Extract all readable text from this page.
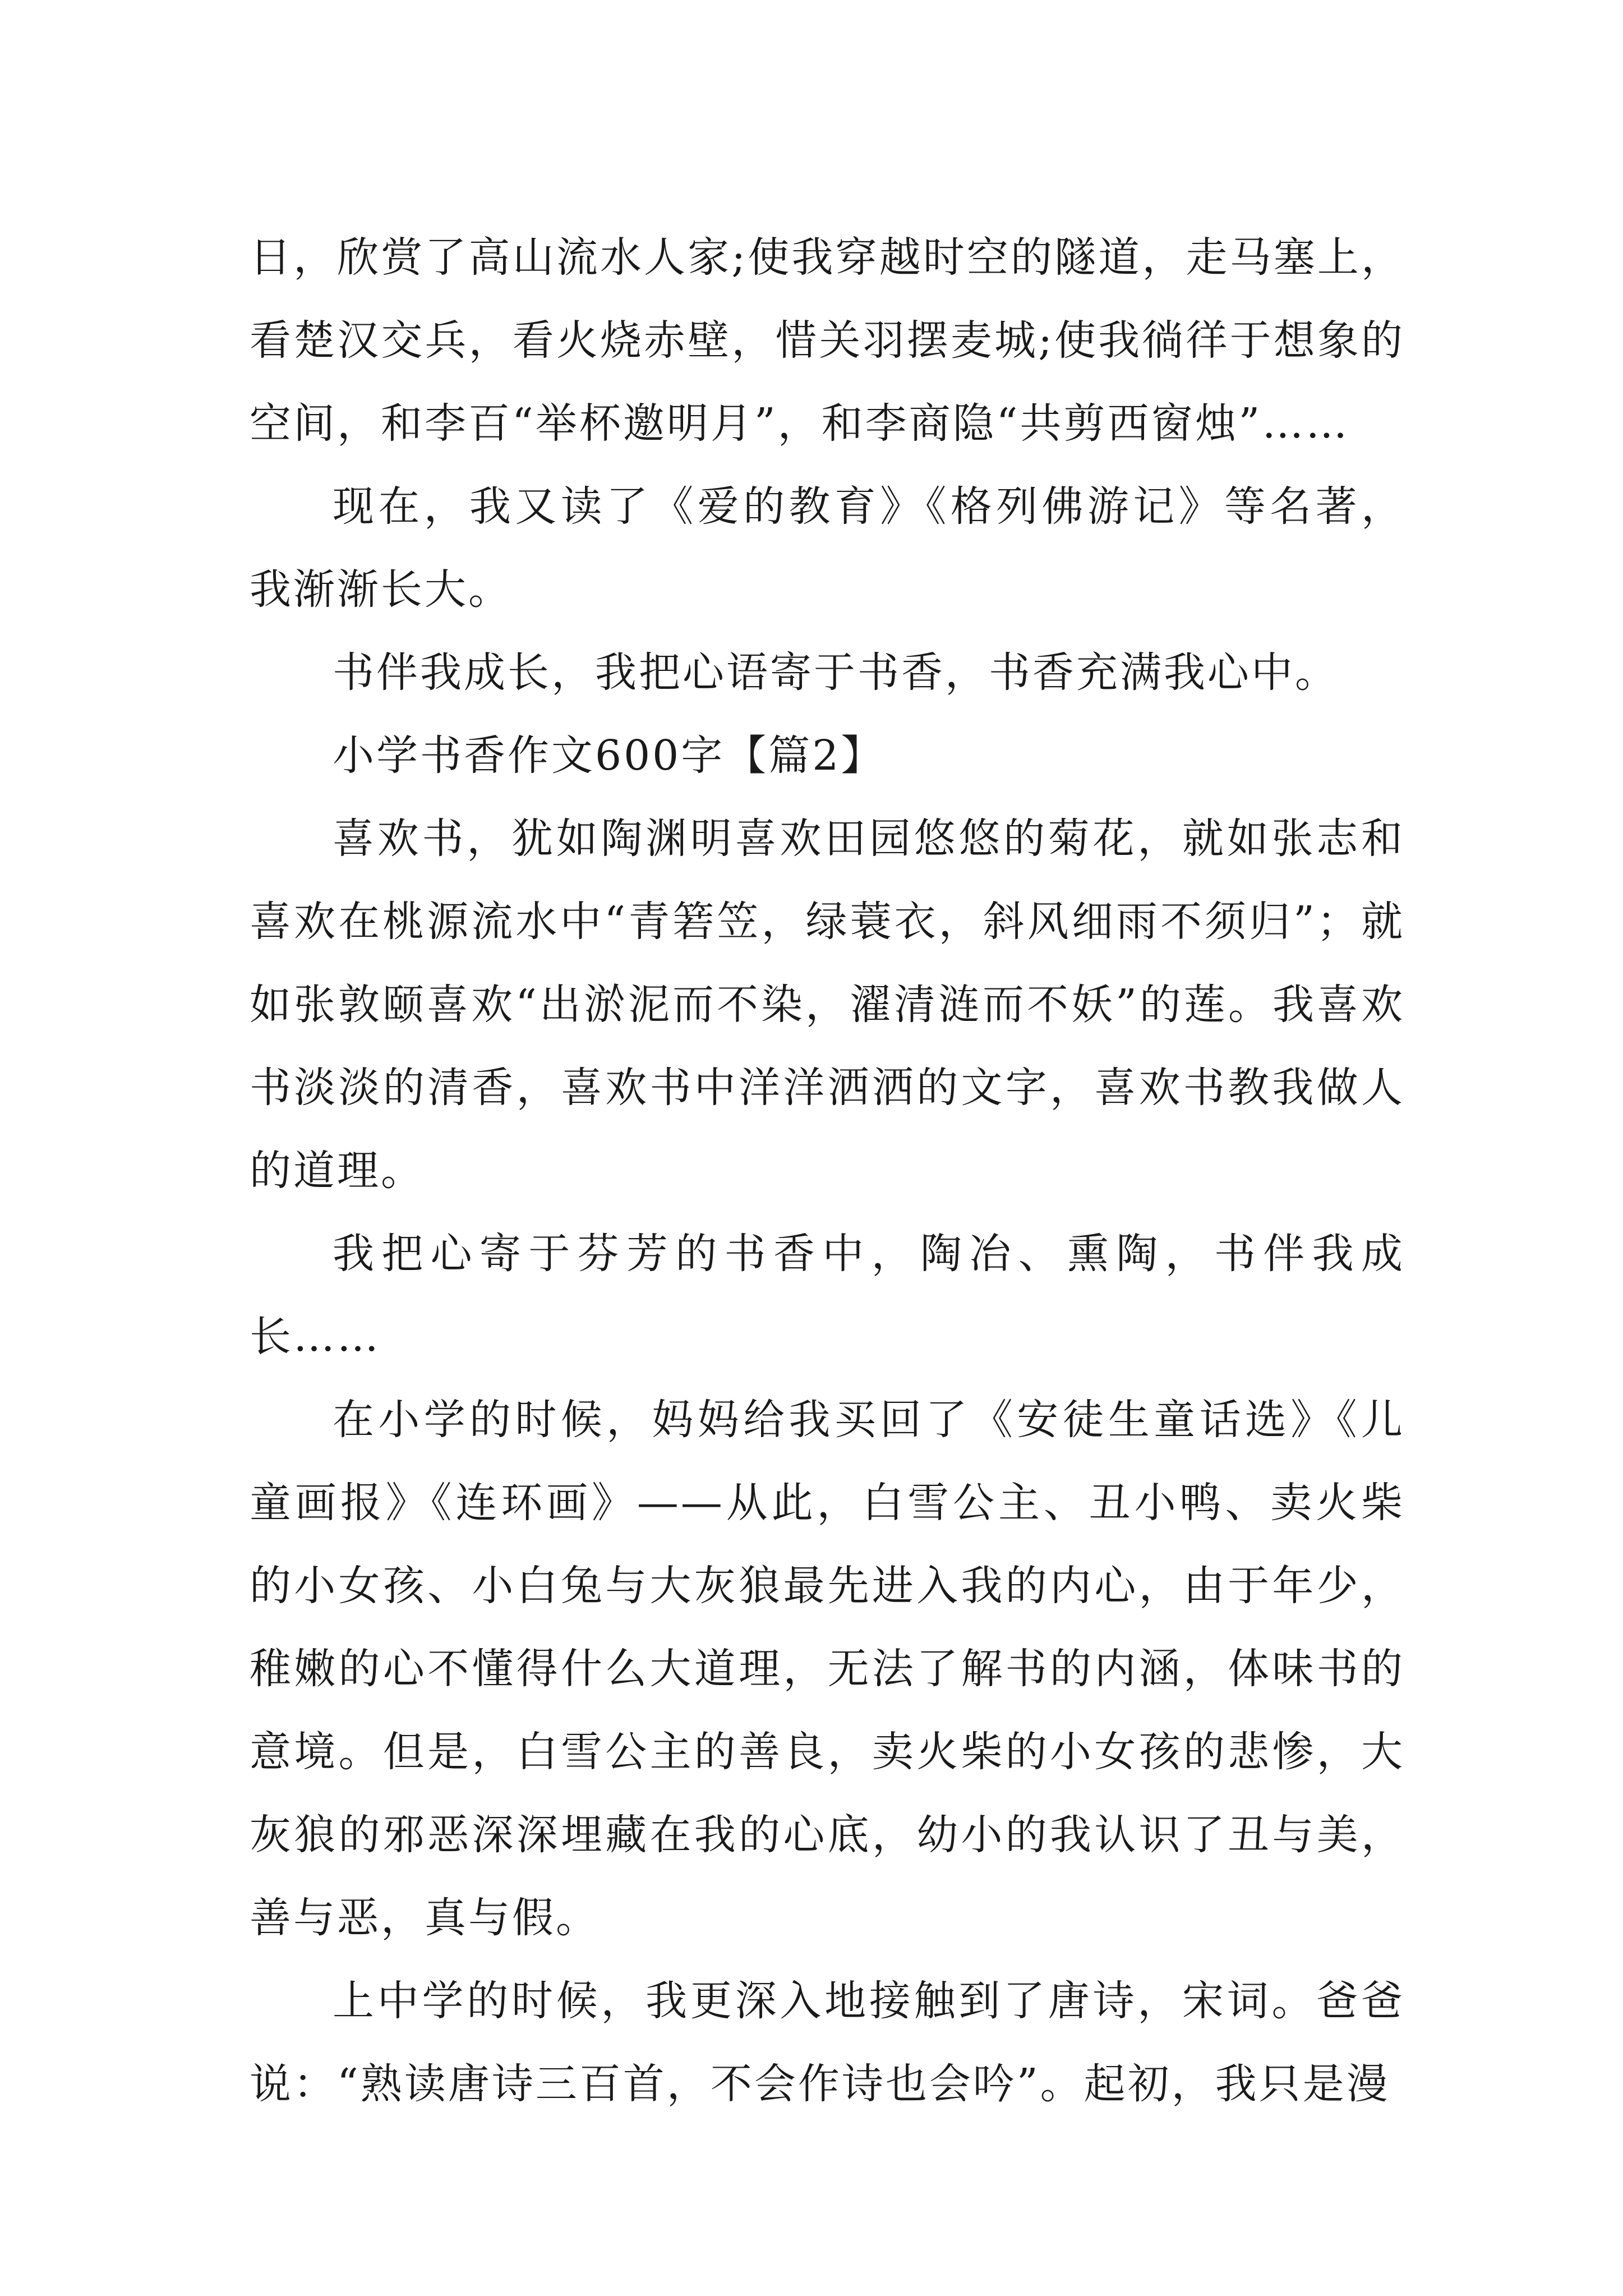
日，欣赏了高山流水人家;使我穿越时空的隧道，走马塞上，看楚汉交兵，看火烧赤壁，惜关羽摆麦城;使我徜徉于想象的空间，和李百“举杯邀明月”，和李商隐“共剪西窗烛”……

现在，我又读了《爱的教育》《格列佛游记》等名著，我渐渐长大。

书伴我成长，我把心语寄于书香，书香充满我心中。

小学书香作文600字【篇2】

喜欢书，犹如陶渊明喜欢田园悠悠的菊花，就如张志和喜欢在桃源流水中“青箬笠，绿蓑衣，斜风细雨不须归”；就如张敦颐喜欢“出淤泥而不染，濯清涟而不妖”的莲。我喜欢书淡淡的清香，喜欢书中洋洋洒洒的文字，喜欢书教我做人的道理。

我把心寄于芬芳的书香中，陶冶、熏陶，书伴我成长……

在小学的时候，妈妈给我买回了《安徒生童话选》《儿童画报》《连环画》——从此，白雪公主、丑小鸭、卖火柴的小女孩、小白兔与大灰狼最先进入我的内心，由于年少，稚嫩的心不懂得什么大道理，无法了解书的内涵，体味书的意境。但是，白雪公主的善良，卖火柴的小女孩的悲惨，大灰狼的邪恶深深埋藏在我的心底，幼小的我认识了丑与美，善与恶，真与假。

上中学的时候，我更深入地接触到了唐诗，宋词。爸爸说：“熟读唐诗三百首，不会作诗也会吟”。起初，我只是漫
